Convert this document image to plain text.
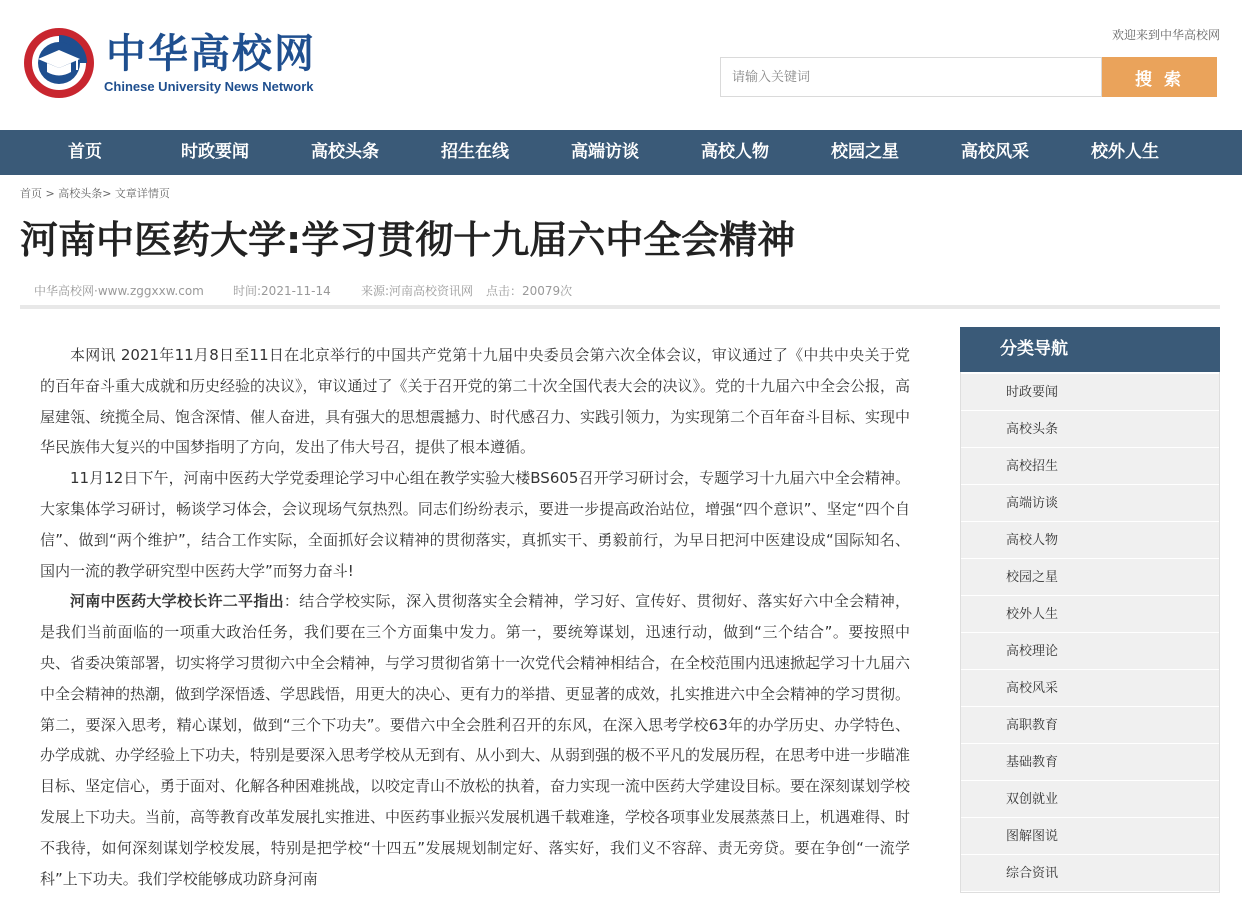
中华高校网
Chinese University News Network
欢迎来到中华高校网
请输入关键词
搜 索
首页	时政要闻	高校头条	招生在线	高端访谈	高校人物	校园之星	高校风采	校外人生
首页 > 高校头条> 文章详情页
河南中医药大学:学习贯彻十九届六中全会精神
中华高校网·www.zggxxw.com 时间:2021-11-14	来源:河南高校资讯网 点击：20079次

本网讯 2021年11月8日至11日在北京举行的中国共产党第十九届中央委员会第六次全体会议，审议通过了《中共中央关于党的百年奋斗重大成就和历史经验的决议》，审议通过了《关于召开党的第二十次全国代表大会的决议》。党的十九届六中全会公报，高屋建瓴、统揽全局、饱含深情、催人奋进，具有强大的思想震撼力、时代感召力、实践引领力，为实现第二个百年奋斗目标、实现中华民族伟大复兴的中国梦指明了方向，发出了伟大号召，提供了根本遵循。

11月12日下午，河南中医药大学党委理论学习中心组在教学实验大楼BS605召开学习研讨会，专题学习十九届六中全会精神。大家集体学习研讨，畅谈学习体会，会议现场气氛热烈。同志们纷纷表示，要进一步提高政治站位，增强“四个意识”、坚定“四个自信”、做到“两个维护”，结合工作实际，全面抓好会议精神的贯彻落实，真抓实干、勇毅前行，为早日把河中医建设成“国际知名、国内一流的教学研究型中医药大学”而努力奋斗!

河南中医药大学校长许二平指出：结合学校实际，深入贯彻落实全会精神，学习好、宣传好、贯彻好、落实好六中全会精神，是我们当前面临的一项重大政治任务，我们要在三个方面集中发力。第一，要统筹谋划，迅速行动，做到“三个结合”。要按照中央、省委决策部署，切实将学习贯彻六中全会精神，与学习贯彻省第十一次党代会精神相结合，在全校范围内迅速掀起学习十九届六中全会精神的热潮，做到学深悟透、学思践悟，用更大的决心、更有力的举措、更显著的成效，扎实推进六中全会精神的学习贯彻。第二，要深入思考，精心谋划，做到“三个下功夫”。要借六中全会胜利召开的东风，在深入思考学校63年的办学历史、办学特色、办学成就、办学经验上下功夫，特别是要深入思考学校从无到有、从小到大、从弱到强的极不平凡的发展历程，在思考中进一步瞄准目标、坚定信心，勇于面对、化解各种困难挑战，以咬定青山不放松的执着，奋力实现一流中医药大学建设目标。要在深刻谋划学校发展上下功夫。当前，高等教育改革发展扎实推进、中医药事业振兴发展机遇千载难逢，学校各项事业发展蒸蒸日上，机遇难得、时不我待，如何深刻谋划学校发展，特别是把学校“十四五”发展规划制定好、落实好，我们义不容辞、责无旁贷。要在争创“一流学科”上下功夫。我们学校能够成功跻身河南

分类导航
时政要闻
高校头条
高校招生
高端访谈
高校人物
校园之星
校外人生
高校理论
高校风采
高职教育
基础教育
双创就业
图解图说
综合资讯
